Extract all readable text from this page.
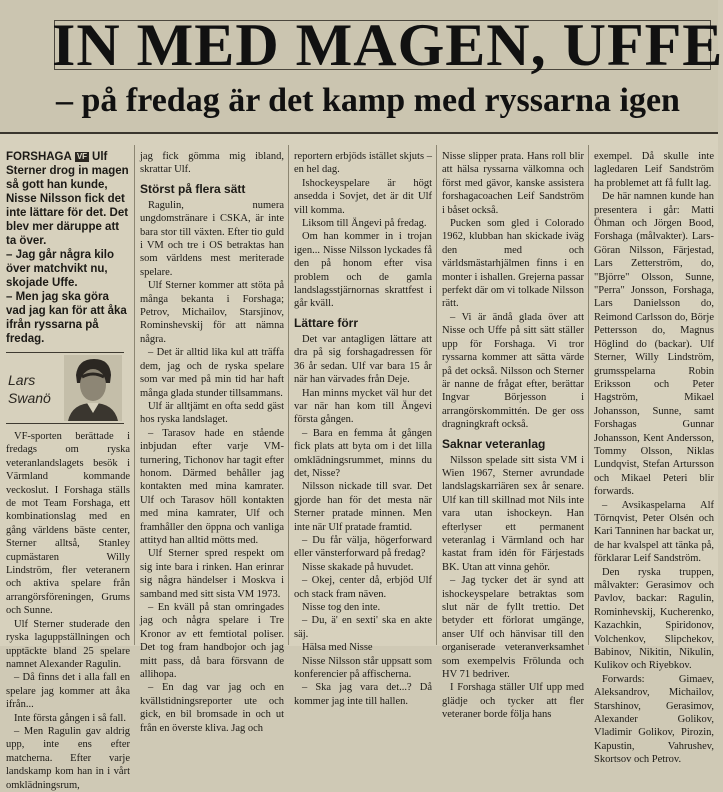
IN MED MAGEN, UFFE
– på fredag är det kamp med ryssarna igen
FORSHAGA VF Ulf Sterner drog in magen så gott han kunde, Nisse Nilsson fick det inte lättare för det. Det blev mer däruppe att ta över.
– Jag går några kilo över matchvikt nu, skojade Uffe.
– Men jag ska göra vad jag kan för att åka ifrån ryssarna på fredag.
Lars
Swanö

VF-sporten berättade i fredags om ryska veteranlandslagets besök i Värmland kommande veckoslut. I Forshaga ställs de mot Team Forshaga, ett kombinationslag med en gång världens bäste center, Sterner alltså, Stanley cupmästaren Willy Lindström, fler veteranern och aktiva spelare från arrangörsföreningen, Grums och Sunne.

Ulf Sterner studerade den ryska laguppställningen och upptäckte bland 25 spelare namnet Alexander Ragulin.

– Då finns det i alla fall en spelare jag kommer att åka ifrån...

Inte första gången i så fall.

– Men Ragulin gav aldrig upp, inte ens efter matcherna. Efter varje landskamp kom han in i vårt omklädningsrum,

jag fick gömma mig ibland, skrattar Ulf.

Störst på flera sätt

Ragulin, numera ungdomstränare i CSKA, är inte bara stor till växten. Efter tio guld i VM och tre i OS betraktas han som världens mest meriterade spelare.

Ulf Sterner kommer att stöta på många bekanta i Forshaga; Petrov, Michailov, Starsjinov, Rominshevskij för att nämna några.

– Det är alltid lika kul att träffa dem, jag och de ryska spelare som var med på min tid har haft många glada stunder tillsammans.

Ulf är alltjämt en ofta sedd gäst hos ryska landslaget.

– Tarasov hade en stående inbjudan efter varje VM-turnering, Tichonov har tagit efter honom. Därmed behåller jag kontakten med mina kamrater. Ulf och Tarasov höll kontakten med mina kamrater, Ulf och framhåller den öppna och vanliga attityd han alltid mötts med.

Ulf Sterner spred respekt om sig inte bara i rinken. Han erinrar sig några händelser i Moskva i samband med sitt sista VM 1973.

– En kväll på stan omringades jag och några spelare i Tre Kronor av ett femtiotal poliser. Det tog fram handbojor och jag mitt pass, då bara försvann de allihopa.

– En dag var jag och en kvällstidningsreporter ute och gick, en bil bromsade in och ut från en överste kliva. Jag och

reportern erbjöds istället skjuts – en hel dag.

Ishockeyspelare är högt ansedda i Sovjet, det är dit Ulf vill komma.

Liksom till Ängevi på fredag.

Om han kommer in i trojan igen... Nisse Nilsson lyckades få den på honom efter visa problem och de gamla landslagsstjärnornas skrattfest i går kväll.

Lättare förr

Det var antagligen lättare att dra på sig forshagadressen för 36 år sedan. Ulf var bara 15 år när han värvades från Deje.

Han minns mycket väl hur det var när han kom till Ängevi första gången.

– Bara en femma åt gången fick plats att byta om i det lilla omklädningsrummet, minns du det, Nisse?

Nilsson nickade till svar. Det gjorde han för det mesta när Sterner pratade minnen. Men inte när Ulf pratade framtid.

– Du får välja, högerforward eller vänsterforward på fredag?

Nisse skakade på huvudet.

– Okej, center då, erbjöd Ulf och stack fram näven.

Nisse tog den inte.

– Du, ä' en sexti' ska en akte säj.

Hälsa med Nisse

Nisse Nilsson står uppsatt som konferencier på affischerna.

– Ska jag vara det...? Då kommer jag inte till hallen.

Nisse slipper prata. Hans roll blir att hälsa ryssarna välkomna och först med gävor, kanske assistera forshagacoachen Leif Sandström i båset också.

Pucken som gled i Colorado 1962, klubban han skickade iväg den med och världsmästarhjälmen finns i en monter i ishallen. Grejerna passar perfekt där om vi tolkade Nilsson rätt.

– Vi är ändå glada över att Nisse och Uffe på sitt sätt ställer upp för Forshaga. Vi tror ryssarna kommer att sätta värde på det också. Nilsson och Sterner är nanne de frågat efter, berättar Ingvar Börjesson i arrangörskommittén. De ger oss dragningkraft också.

Saknar veteranlag

Nilsson spelade sitt sista VM i Wien 1967, Sterner avrundade landslagskarriären sex år senare. Ulf kan till skillnad mot Nils inte vara utan ishockeyn. Han efterlyser ett permanent veteranlag i Värmland och har kastat fram idén för Färjestads BK. Utan att vinna gehör.

– Jag tycker det är synd att ishockeyspelare betraktas som slut när de fyllt trettio. Det betyder ett förlorat umgänge, anser Ulf och hänvisar till den organiserade veteranverksamhet som exempelvis Frölunda och HV 71 bedriver.

I Forshaga ställer Ulf upp med glädje och tycker att fler veteraner borde följa hans

exempel. Då skulle inte lagledaren Leif Sandström ha problemet att få fullt lag.

De här namnen kunde han presentera i går: Matti Öhman och Jörgen Bood, Forshaga (målvakter). Lars-Göran Nilsson, Färjestad, Lars Zetterström, do, "Björre" Olsson, Sunne, "Perra" Jonsson, Forshaga, Lars Danielsson do, Reimond Carlsson do, Börje Pettersson do, Magnus Höglind do (backar). Ulf Sterner, Willy Lindström, grumsspelarna Robin Eriksson och Peter Hagström, Mikael Johansson, Sunne, samt Forshagas Gunnar Johansson, Kent Andersson, Tommy Olsson, Niklas Lundqvist, Stefan Artursson och Mikael Peteri blir forwards.

– Avsikaspelarna Alf Törnqvist, Peter Olsén och Kari Tanninen har backat ur, de har kvalspel att tänka på, förklarar Leif Sandström.

Den ryska truppen, målvakter: Gerasimov och Pavlov, backar: Ragulin, Rominhevskij, Kucherenko, Kazachkin, Spiridonov, Volchenkov, Slipchekov, Babinov, Nikitin, Nikulin, Kulikov och Riyebkov.

Forwards: Gimaev, Aleksandrov, Michailov, Starshinov, Gerasimov, Alexander Golikov, Vladimir Golikov, Pirozin, Kapustin, Vahrushev, Skortsov och Petrov.
